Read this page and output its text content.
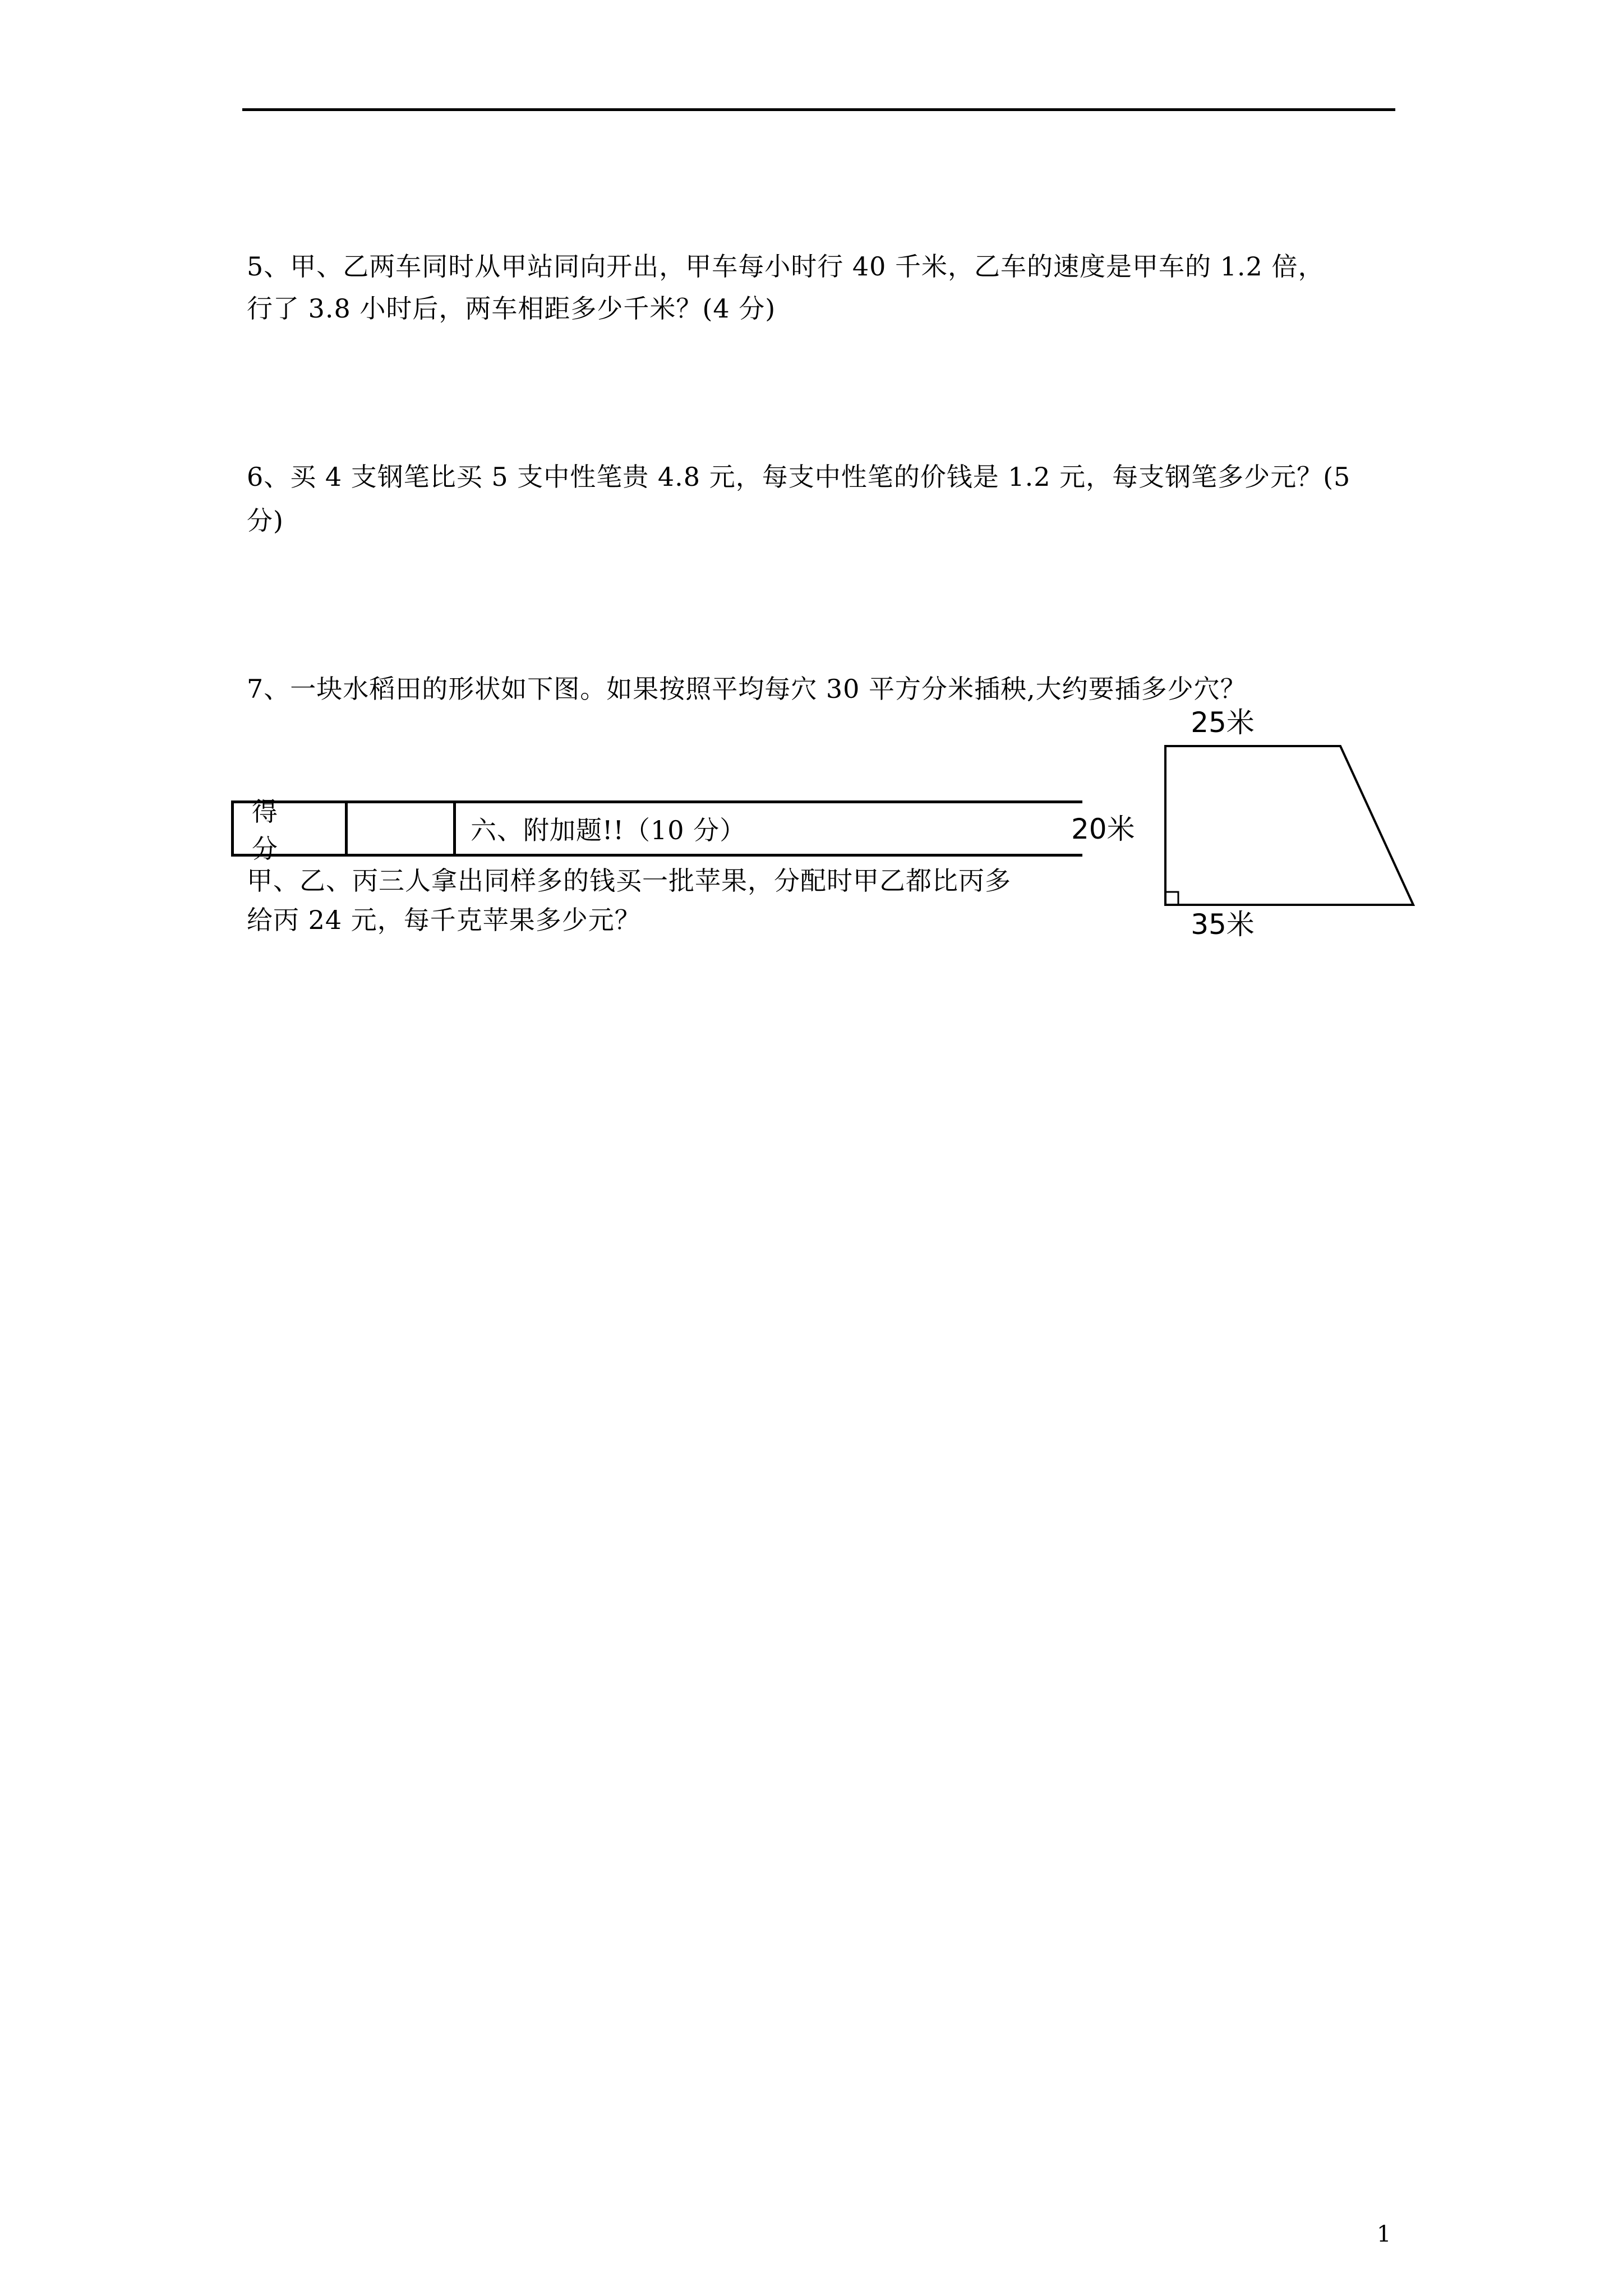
5、甲、乙两车同时从甲站同向开出，甲车每小时行 40 千米，乙车的速度是甲车的 1.2 倍，
行了 3.8 小时后，两车相距多少千米？(4 分)
6、买 4 支钢笔比买 5 支中性笔贵 4.8 元，每支中性笔的价钱是 1.2 元，每支钢笔多少元？(5
分)
7、一块水稻田的形状如下图。如果按照平均每穴 30 平方分米插秧,大约要插多少穴？
得 分
六、附加题!!（10 分）
甲、乙、丙三人拿出同样多的钱买一批苹果，分配时甲乙都比丙多
给丙 24 元，每千克苹果多少元？
25米
20米
35米
1
